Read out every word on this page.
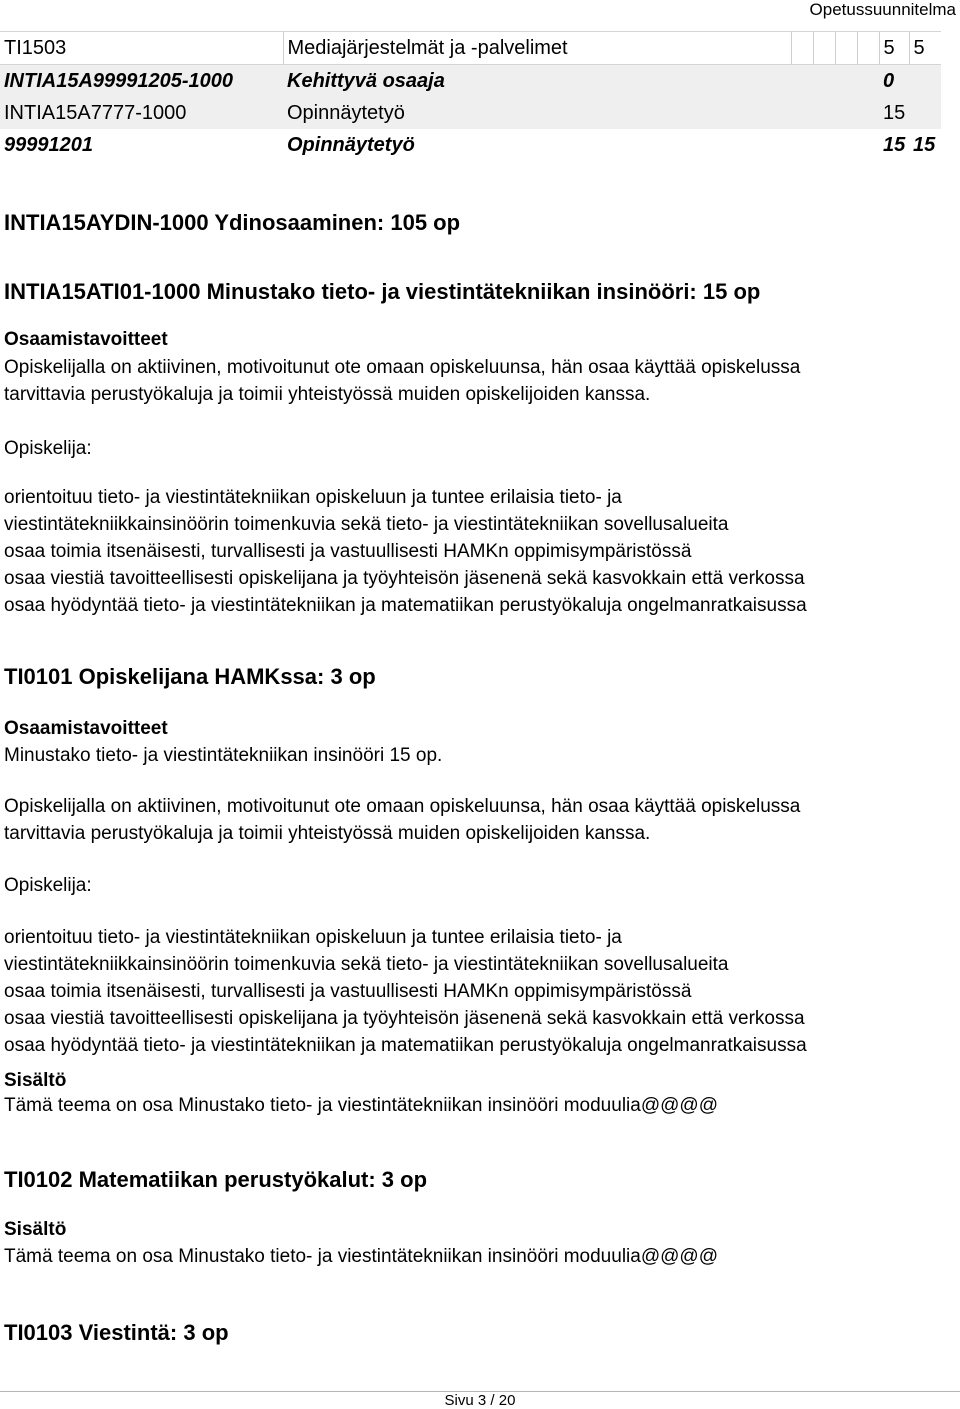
Opetussuunnitelma
TI1503	Mediajärjestelmät ja -palvelimet					5	5
INTIA15A99991205-1000	Kehittyvä osaaja					0	
INTIA15A7777-1000	Opinnäytetyö					15	
99991201	Opinnäytetyö					15	15
INTIA15AYDIN-1000 Ydinosaaminen: 105 op
INTIA15ATI01-1000 Minustako tieto- ja viestintätekniikan insinööri: 15 op
Osaamistavoitteet
Opiskelijalla on aktiivinen, motivoitunut ote omaan opiskeluunsa, hän osaa käyttää opiskelussa
tarvittavia perustyökaluja ja toimii yhteistyössä muiden opiskelijoiden kanssa.
Opiskelija:
orientoituu tieto- ja viestintätekniikan opiskeluun ja tuntee erilaisia tieto- ja
viestintätekniikkainsinöörin toimenkuvia sekä tieto- ja viestintätekniikan sovellusalueita
osaa toimia itsenäisesti, turvallisesti ja vastuullisesti HAMKn oppimisympäristössä
osaa viestiä tavoitteellisesti opiskelijana ja työyhteisön jäsenenä sekä kasvokkain että verkossa
osaa hyödyntää tieto- ja viestintätekniikan ja matematiikan perustyökaluja ongelmanratkaisussa
TI0101 Opiskelijana HAMKssa: 3 op
Osaamistavoitteet
Minustako tieto- ja viestintätekniikan insinööri 15 op.
Opiskelijalla on aktiivinen, motivoitunut ote omaan opiskeluunsa, hän osaa käyttää opiskelussa
tarvittavia perustyökaluja ja toimii yhteistyössä muiden opiskelijoiden kanssa.
Opiskelija:
orientoituu tieto- ja viestintätekniikan opiskeluun ja tuntee erilaisia tieto- ja
viestintätekniikkainsinöörin toimenkuvia sekä tieto- ja viestintätekniikan sovellusalueita
osaa toimia itsenäisesti, turvallisesti ja vastuullisesti HAMKn oppimisympäristössä
osaa viestiä tavoitteellisesti opiskelijana ja työyhteisön jäsenenä sekä kasvokkain että verkossa
osaa hyödyntää tieto- ja viestintätekniikan ja matematiikan perustyökaluja ongelmanratkaisussa
Sisältö
Tämä teema on osa Minustako tieto- ja viestintätekniikan insinööri moduulia@@@@
TI0102 Matematiikan perustyökalut: 3 op
Sisältö
Tämä teema on osa Minustako tieto- ja viestintätekniikan insinööri moduulia@@@@
TI0103 Viestintä: 3 op
Sivu 3 / 20
